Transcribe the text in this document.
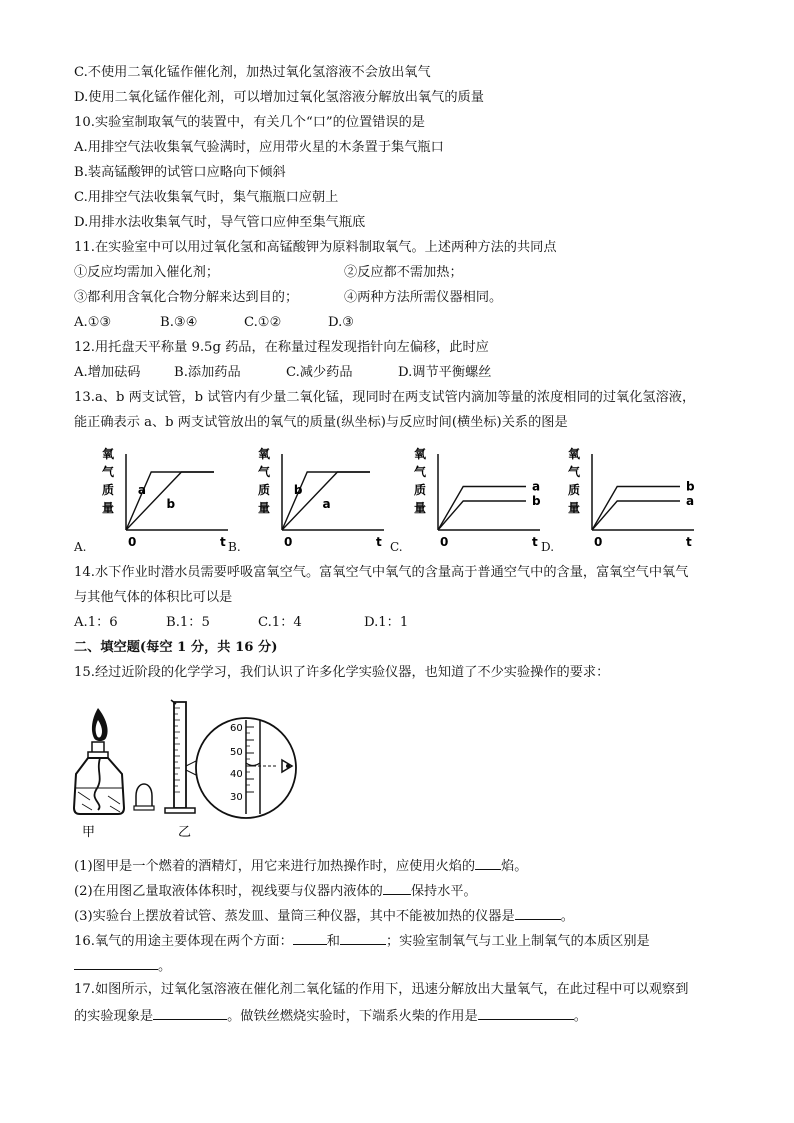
C.不使用二氧化锰作催化剂，加热过氧化氢溶液不会放出氧气
D.使用二氧化锰作催化剂，可以增加过氧化氢溶液分解放出氧气的质量
10.实验室制取氧气的装置中，有关几个“口”的位置错误的是
A.用排空气法收集氧气验满时，应用带火星的木条置于集气瓶口
B.装高锰酸钾的试管口应略向下倾斜
C.用排空气法收集氧气时，集气瓶瓶口应朝上
D.用排水法收集氧气时，导气管口应伸至集气瓶底
11.在实验室中可以用过氧化氢和高锰酸钾为原料制取氧气。上述两种方法的共同点
①反应均需加入催化剂；	②反应都不需加热；
③都利用含氧化合物分解来达到目的；	④两种方法所需仪器相同。
A.①③	B.③④	C.①②	D.③
12.用托盘天平称量 9.5g 药品，在称量过程发现指针向左偏移，此时应
A.增加砝码	B.添加药品	C.减少药品	D.调节平衡螺丝
13.a、b 两支试管，b 试管内有少量二氧化锰，现同时在两支试管内滴加等量的浓度相同的过氧化氢溶液，
能正确表示 a、b 两支试管放出的氧气的质量(纵坐标)与反应时间(横坐标)关系的图是
氧
气
质
量
0	t
a
b
氧
气
质
量
0	t
b
a
氧
气
质
量
0	t
a
b
氧
气
质
量
0	t
b
a
A.	B.	C.	D.
14.水下作业时潜水员需要呼吸富氧空气。富氧空气中氧气的含量高于普通空气中的含量，富氧空气中氧气
与其他气体的体积比可以是
A.1：6	B.1：5	C.1：4	D.1：1
二、填空题(每空 1 分，共 16 分)
15.经过近阶段的化学学习，我们认识了许多化学实验仪器，也知道了不少实验操作的要求：
60
50
40
30
甲	乙
(1)图甲是一个燃着的酒精灯，用它来进行加热操作时，应使用火焰的 焰。
(2)在用图乙量取液体体积时，视线要与仪器内液体的 保持水平。
(3)实验台上摆放着试管、蒸发皿、量筒三种仪器，其中不能被加热的仪器是	。
16.氧气的用途主要体现在两个方面：	和	；实验室制氧气与工业上制氧气的本质区别是
。
17.如图所示，过氧化氢溶液在催化剂二氧化锰的作用下，迅速分解放出大量氧气，在此过程中可以观察到
的实验现象是	。做铁丝燃烧实验时，下端系火柴的作用是	。
